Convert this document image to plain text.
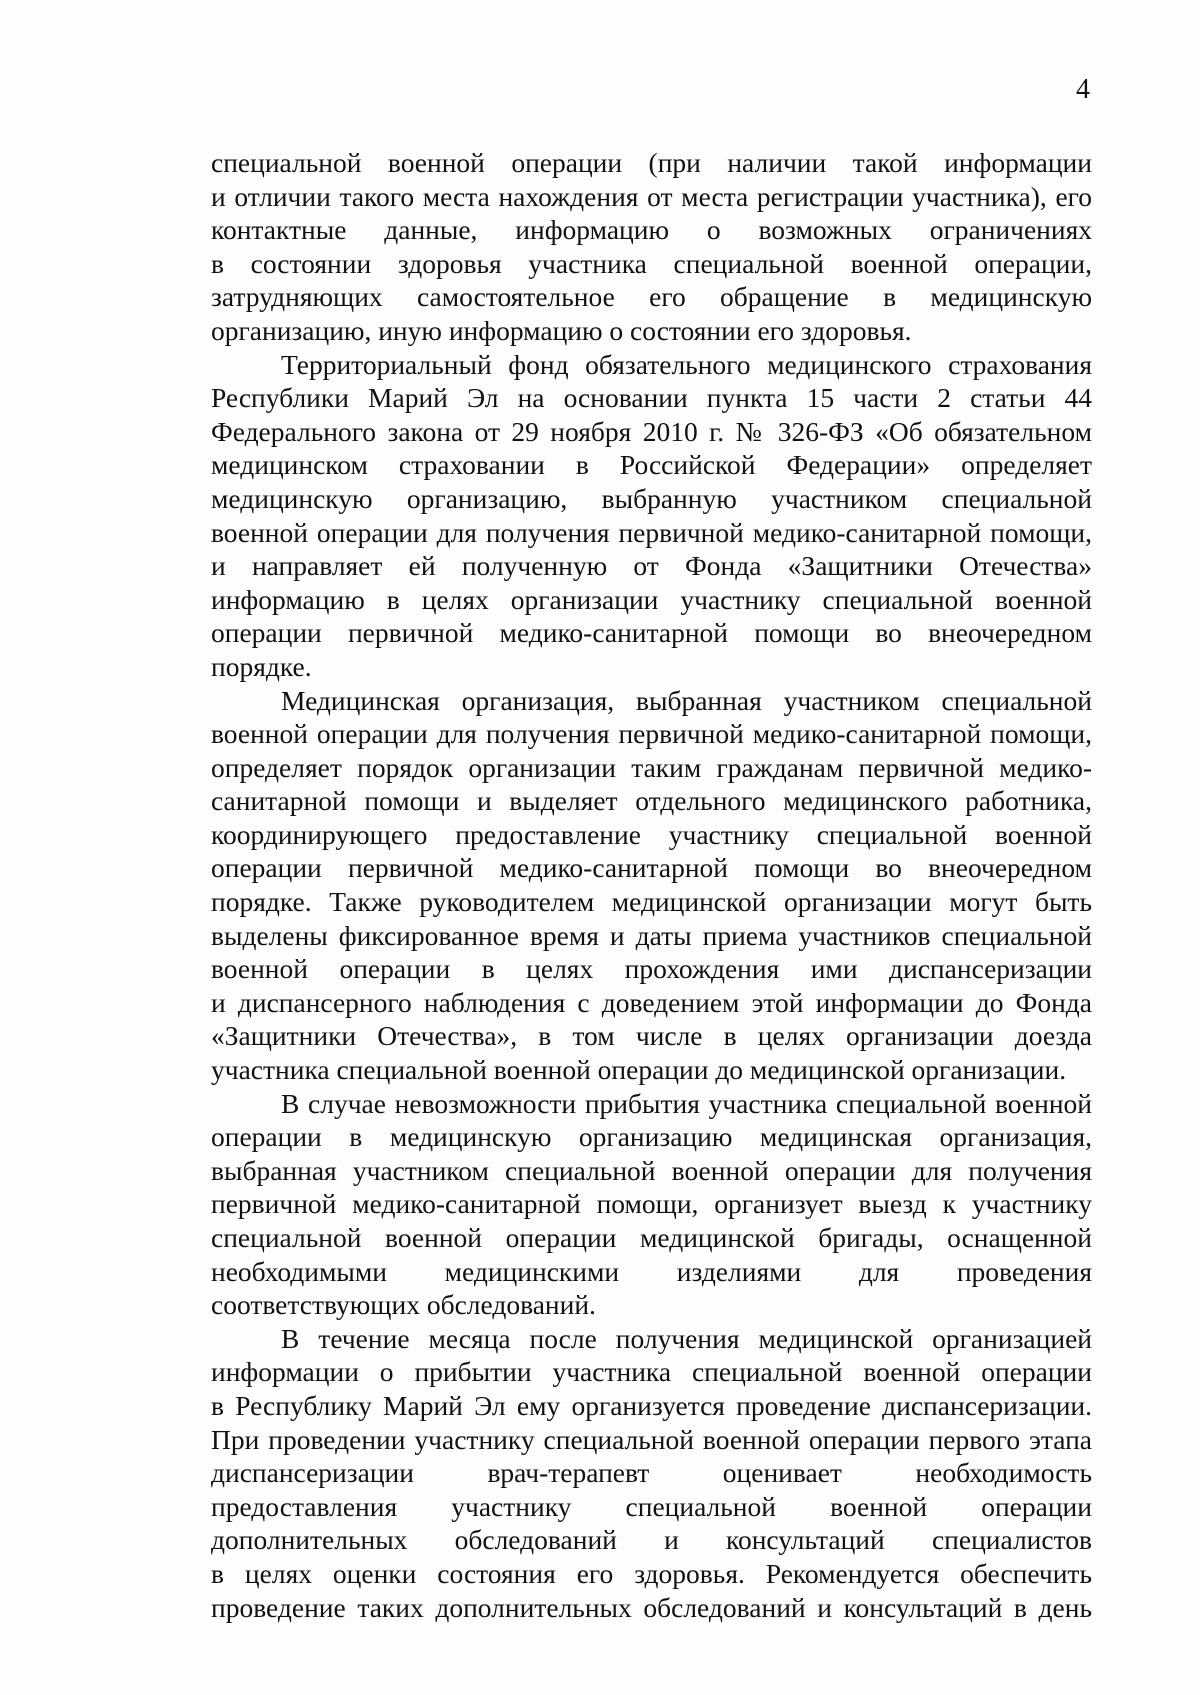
4
специальной военной операции (при наличии такой информации
и отличии такого места нахождения от места регистрации участника), его
контактные данные, информацию о возможных ограничениях
в состоянии здоровья участника специальной военной операции,
затрудняющих самостоятельное его обращение в медицинскую
организацию, иную информацию о состоянии его здоровья.
Территориальный фонд обязательного медицинского страхования
Республики Марий Эл на основании пункта 15 части 2 статьи 44
Федерального закона от 29 ноября 2010 г. № 326-ФЗ «Об обязательном
медицинском страховании в Российской Федерации» определяет
медицинскую организацию, выбранную участником специальной
военной операции для получения первичной медико-санитарной помощи,
и направляет ей полученную от Фонда «Защитники Отечества»
информацию в целях организации участнику специальной военной
операции первичной медико-санитарной помощи во внеочередном
порядке.
Медицинская организация, выбранная участником специальной
военной операции для получения первичной медико-санитарной помощи,
определяет порядок организации таким гражданам первичной медико-
санитарной помощи и выделяет отдельного медицинского работника,
координирующего предоставление участнику специальной военной
операции первичной медико-санитарной помощи во внеочередном
порядке. Также руководителем медицинской организации могут быть
выделены фиксированное время и даты приема участников специальной
военной операции в целях прохождения ими диспансеризации
и диспансерного наблюдения с доведением этой информации до Фонда
«Защитники Отечества», в том числе в целях организации доезда
участника специальной военной операции до медицинской организации.
В случае невозможности прибытия участника специальной военной
операции в медицинскую организацию медицинская организация,
выбранная участником специальной военной операции для получения
первичной медико-санитарной помощи, организует выезд к участнику
специальной военной операции медицинской бригады, оснащенной
необходимыми медицинскими изделиями для проведения
соответствующих обследований.
В течение месяца после получения медицинской организацией
информации о прибытии участника специальной военной операции
в Республику Марий Эл ему организуется проведение диспансеризации.
При проведении участнику специальной военной операции первого этапа
диспансеризации врач-терапевт оценивает необходимость
предоставления участнику специальной военной операции
дополнительных обследований и консультаций специалистов
в целях оценки состояния его здоровья. Рекомендуется обеспечить
проведение таких дополнительных обследований и консультаций в день
